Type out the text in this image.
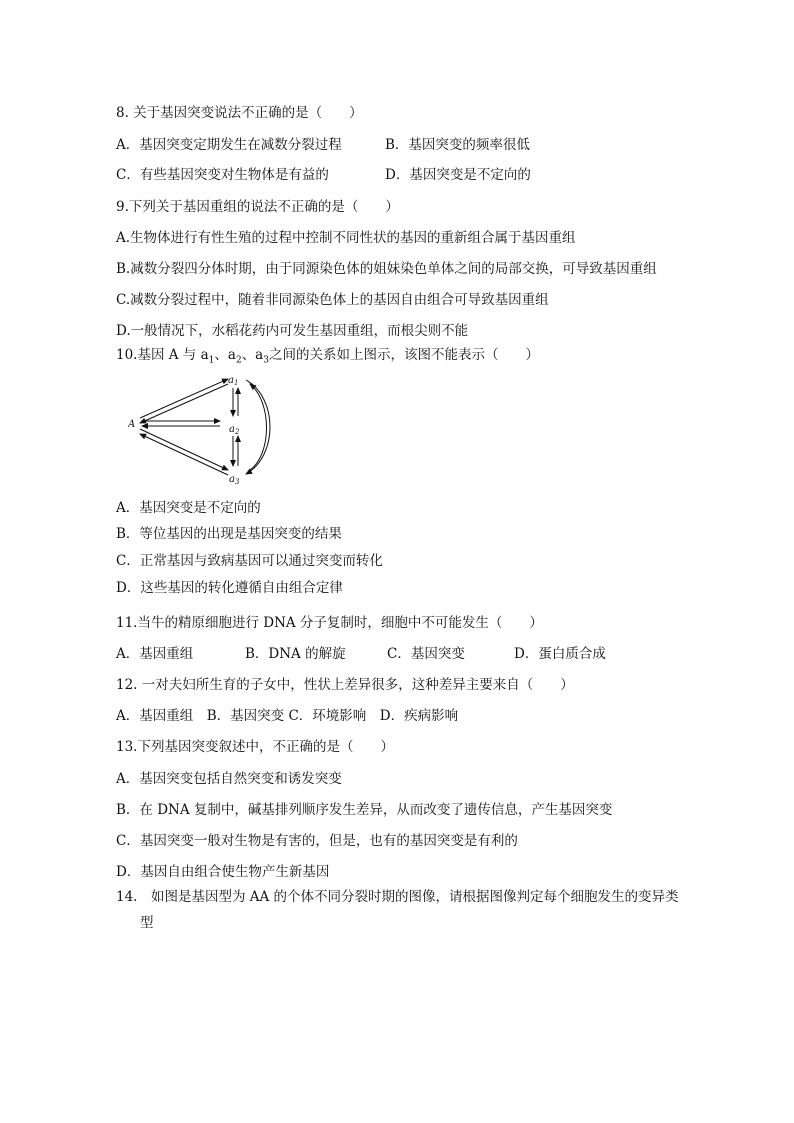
8. 关于基因突变说法不正确的是（　　）
A．基因突变定期发生在减数分裂过程	B．基因突变的频率很低
C．有些基因突变对生物体是有益的	D．基因突变是不定向的
9.下列关于基因重组的说法不正确的是（　　）
A.生物体进行有性生殖的过程中控制不同性状的基因的重新组合属于基因重组
B.减数分裂四分体时期，由于同源染色体的姐妹染色单体之间的局部交换，可导致基因重组
C.减数分裂过程中，随着非同源染色体上的基因自由组合可导致基因重组
D.一般情况下，水稻花药内可发生基因重组，而根尖则不能
10.基因 A 与 $a_1$、$a_2$、$a_3$之间的关系如上图示，该图不能表示（　　）
A
$a_1$
$a_2$
$a_3$
A．基因突变是不定向的
B．等位基因的出现是基因突变的结果
C．正常基因与致病基因可以通过突变而转化
D．这些基因的转化遵循自由组合定律
11.当牛的精原细胞进行 DNA 分子复制时，细胞中不可能发生（　　）
A．基因重组	B．DNA 的解旋	C．基因突变	D．蛋白质合成
12. 一对夫妇所生育的子女中，性状上差异很多，这种差异主要来自（　　）
A．基因重组　B．基因突变 C．环境影响　D．疾病影响
13.下列基因突变叙述中，不正确的是（　　）
A．基因突变包括自然突变和诱发突变
B．在 DNA 复制中，碱基排列顺序发生差异，从而改变了遗传信息，产生基因突变
C．基因突变一般对生物是有害的，但是，也有的基因突变是有利的
D．基因自由组合使生物产生新基因
14.　如图是基因型为 AA 的个体不同分裂时期的图像，请根据图像判定每个细胞发生的变异类
型
